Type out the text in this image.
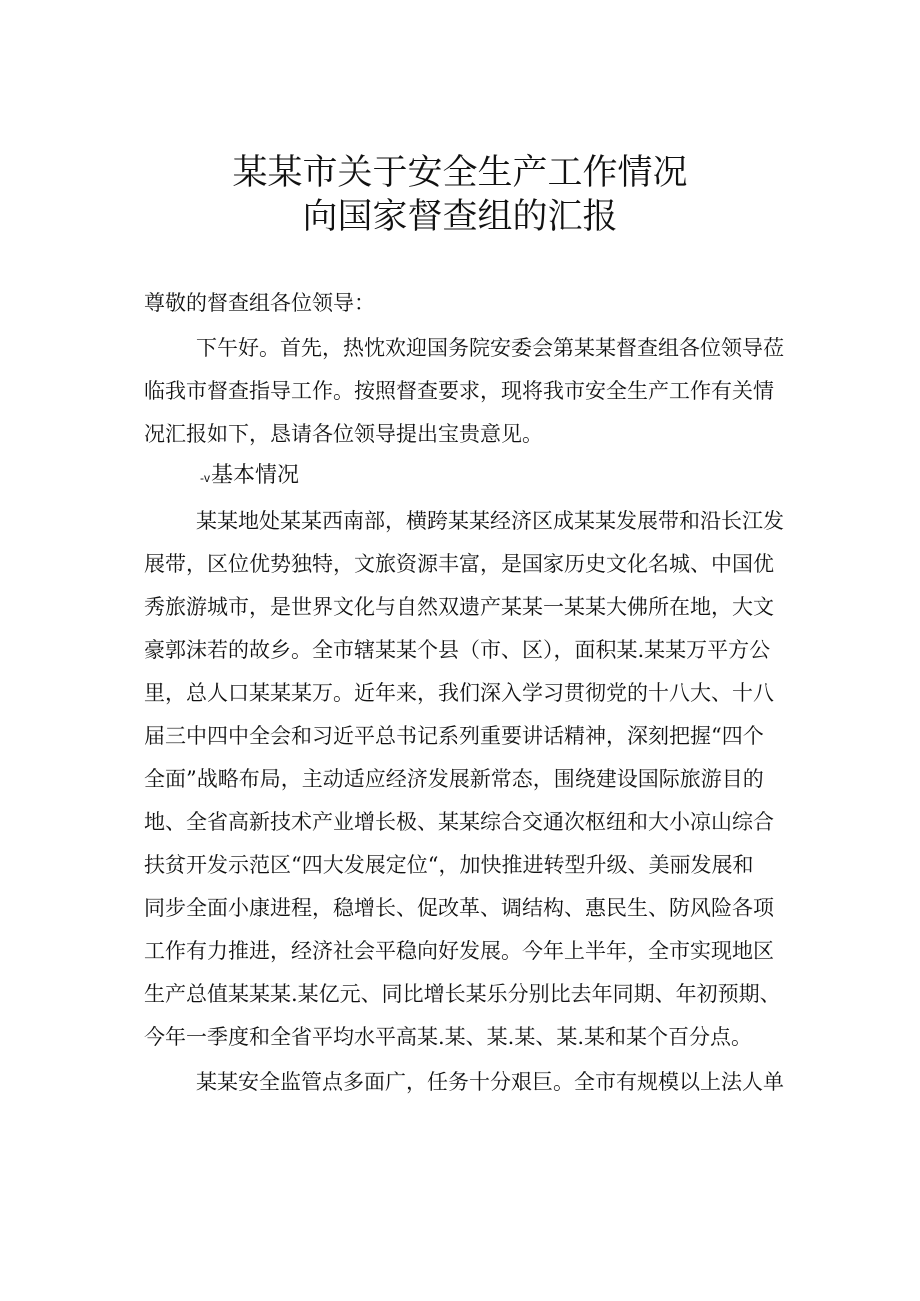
某某市关于安全生产工作情况
向国家督查组的汇报

尊敬的督查组各位领导：

下午好。首先，热忱欢迎国务院安委会第某某督查组各位领导莅

临我市督查指导工作。按照督查要求，现将我市安全生产工作有关情

况汇报如下，恳请各位领导提出宝贵意见。

-v基本情况

某某地处某某西南部，横跨某某经济区成某某发展带和沿长江发

展带，区位优势独特，文旅资源丰富，是国家历史文化名城、中国优

秀旅游城市，是世界文化与自然双遗产某某一某某大佛所在地，大文

豪郭沫若的故乡。全市辖某某个县（市、区），面积某.某某万平方公

里，总人口某某某万。近年来，我们深入学习贯彻党的十八大、十八

届三中四中全会和习近平总书记系列重要讲话精神，深刻把握“四个

全面”战略布局，主动适应经济发展新常态，围绕建设国际旅游目的

地、全省高新技术产业增长极、某某综合交通次枢纽和大小凉山综合

扶贫开发示范区“四大发展定位“，加快推进转型升级、美丽发展和

同步全面小康进程，稳增长、促改革、调结构、惠民生、防风险各项

工作有力推进，经济社会平稳向好发展。今年上半年，全市实现地区

生产总值某某某.某亿元、同比增长某乐分别比去年同期、年初预期、

今年一季度和全省平均水平高某.某、某.某、某.某和某个百分点。

某某安全监管点多面广，任务十分艰巨。全市有规模以上法人单
